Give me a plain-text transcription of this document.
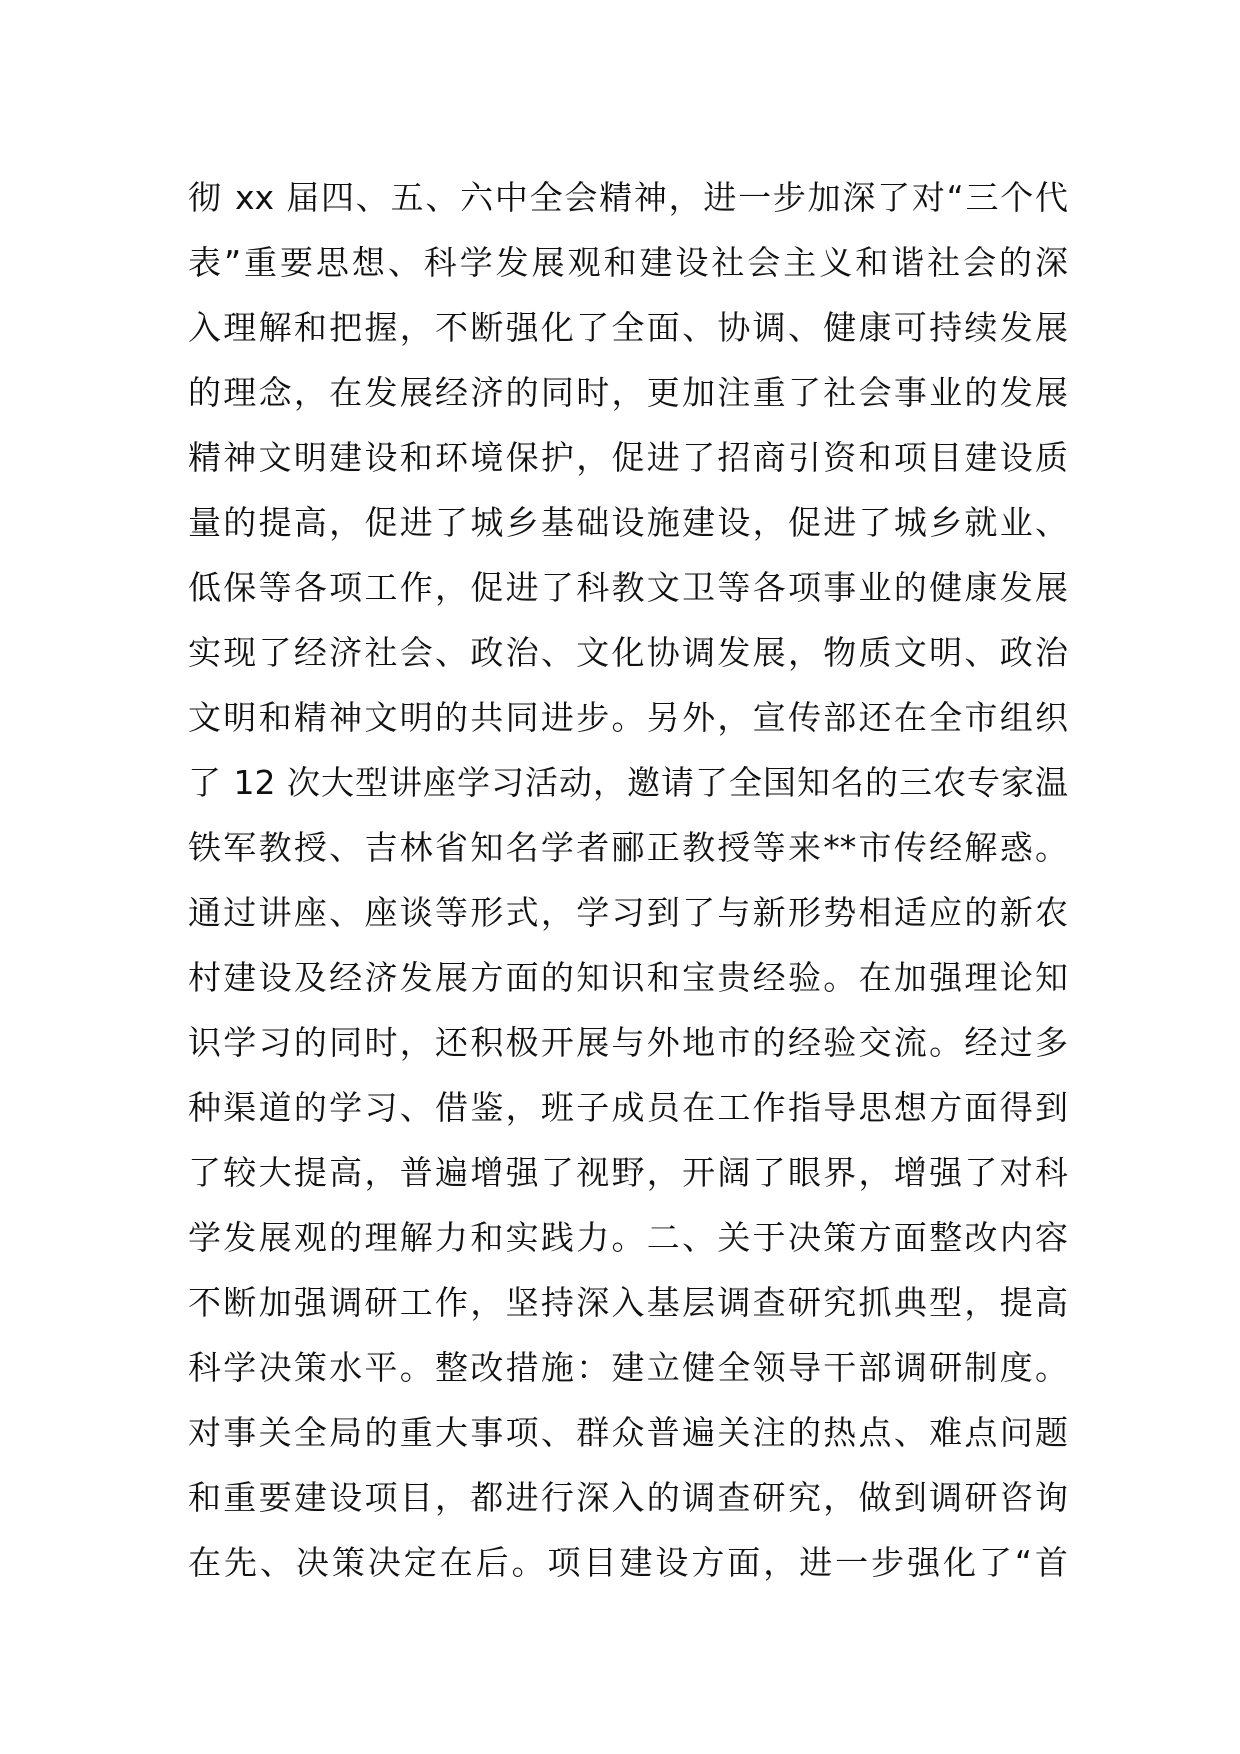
彻 xx 届四、五、六中全会精神，进一步加深了对“三个代
表”重要思想、科学发展观和建设社会主义和谐社会的深
入理解和把握，不断强化了全面、协调、健康可持续发展
的理念，在发展经济的同时，更加注重了社会事业的发展
精神文明建设和环境保护，促进了招商引资和项目建设质
量的提高，促进了城乡基础设施建设，促进了城乡就业、
低保等各项工作，促进了科教文卫等各项事业的健康发展
实现了经济社会、政治、文化协调发展，物质文明、政治
文明和精神文明的共同进步。另外，宣传部还在全市组织
了 12 次大型讲座学习活动，邀请了全国知名的三农专家温
铁军教授、吉林省知名学者郦正教授等来**市传经解惑。
通过讲座、座谈等形式，学习到了与新形势相适应的新农
村建设及经济发展方面的知识和宝贵经验。在加强理论知
识学习的同时，还积极开展与外地市的经验交流。经过多
种渠道的学习、借鉴，班子成员在工作指导思想方面得到
了较大提高，普遍增强了视野，开阔了眼界，增强了对科
学发展观的理解力和实践力。二、关于决策方面整改内容
不断加强调研工作，坚持深入基层调查研究抓典型，提高
科学决策水平。整改措施：建立健全领导干部调研制度。
对事关全局的重大事项、群众普遍关注的热点、难点问题
和重要建设项目，都进行深入的调查研究，做到调研咨询
在先、决策决定在后。项目建设方面，进一步强化了“首
